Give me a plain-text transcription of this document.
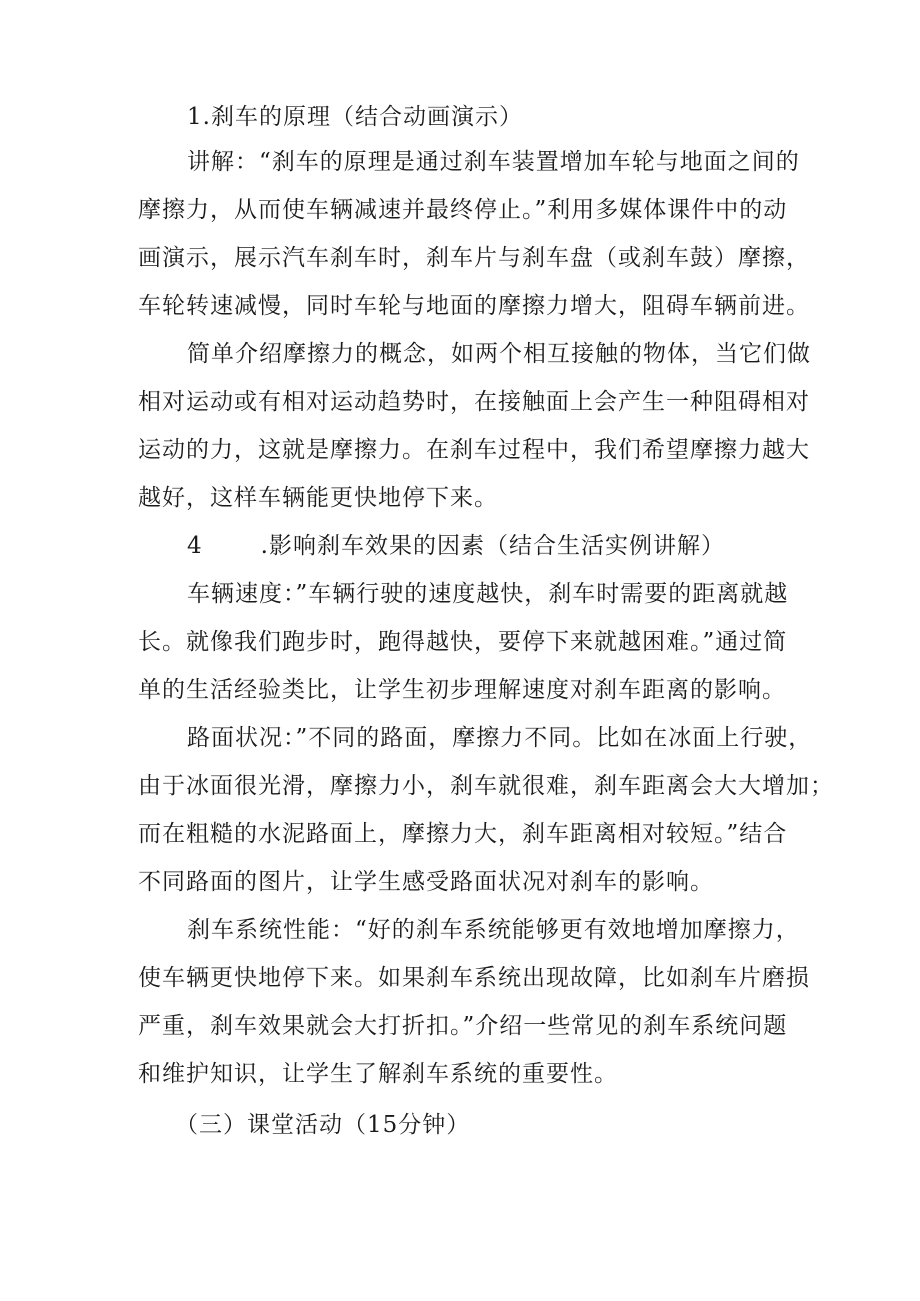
1.刹车的原理（结合动画演示）
讲解：“刹车的原理是通过刹车装置增加车轮与地面之间的
摩擦力，从而使车辆减速并最终停止。”利用多媒体课件中的动
画演示，展示汽车刹车时，刹车片与刹车盘（或刹车鼓）摩擦，
车轮转速减慢，同时车轮与地面的摩擦力增大，阻碍车辆前进。
简单介绍摩擦力的概念，如两个相互接触的物体，当它们做
相对运动或有相对运动趋势时，在接触面上会产生一种阻碍相对
运动的力，这就是摩擦力。在刹车过程中，我们希望摩擦力越大
越好，这样车辆能更快地停下来。
4	.影响刹车效果的因素（结合生活实例讲解）
车辆速度：”车辆行驶的速度越快，刹车时需要的距离就越
长。就像我们跑步时，跑得越快，要停下来就越困难。”通过简
单的生活经验类比，让学生初步理解速度对刹车距离的影响。
路面状况：”不同的路面，摩擦力不同。比如在冰面上行驶，
由于冰面很光滑，摩擦力小，刹车就很难，刹车距离会大大增加；
而在粗糙的水泥路面上，摩擦力大，刹车距离相对较短。”结合
不同路面的图片，让学生感受路面状况对刹车的影响。
刹车系统性能：“好的刹车系统能够更有效地增加摩擦力，
使车辆更快地停下来。如果刹车系统出现故障，比如刹车片磨损
严重，刹车效果就会大打折扣。”介绍一些常见的刹车系统问题
和维护知识，让学生了解刹车系统的重要性。
（三）课堂活动（15分钟）
